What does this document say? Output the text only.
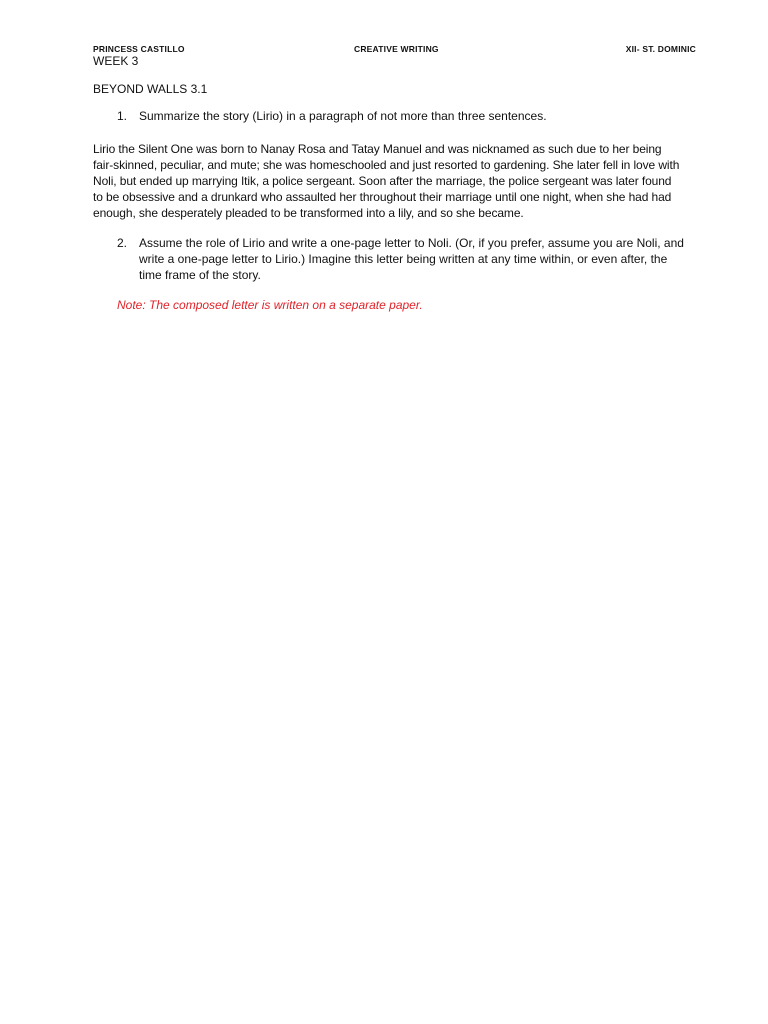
PRINCESS CASTILLO	CREATIVE WRITING	XII- ST. DOMINIC
WEEK 3
BEYOND WALLS 3.1
1. Summarize the story (Lirio) in a paragraph of not more than three sentences.
Lirio the Silent One was born to Nanay Rosa and Tatay Manuel and was nicknamed as such due to her being
fair-skinned, peculiar, and mute; she was homeschooled and just resorted to gardening. She later fell in love with
Noli, but ended up marrying Itik, a police sergeant. Soon after the marriage, the police sergeant was later found
to be obsessive and a drunkard who assaulted her throughout their marriage until one night, when she had had
enough, she desperately pleaded to be transformed into a lily, and so she became.
2. Assume the role of Lirio and write a one-page letter to Noli. (Or, if you prefer, assume you are Noli, and
write a one-page letter to Lirio.) Imagine this letter being written at any time within, or even after, the
time frame of the story.
Note: The composed letter is written on a separate paper.
